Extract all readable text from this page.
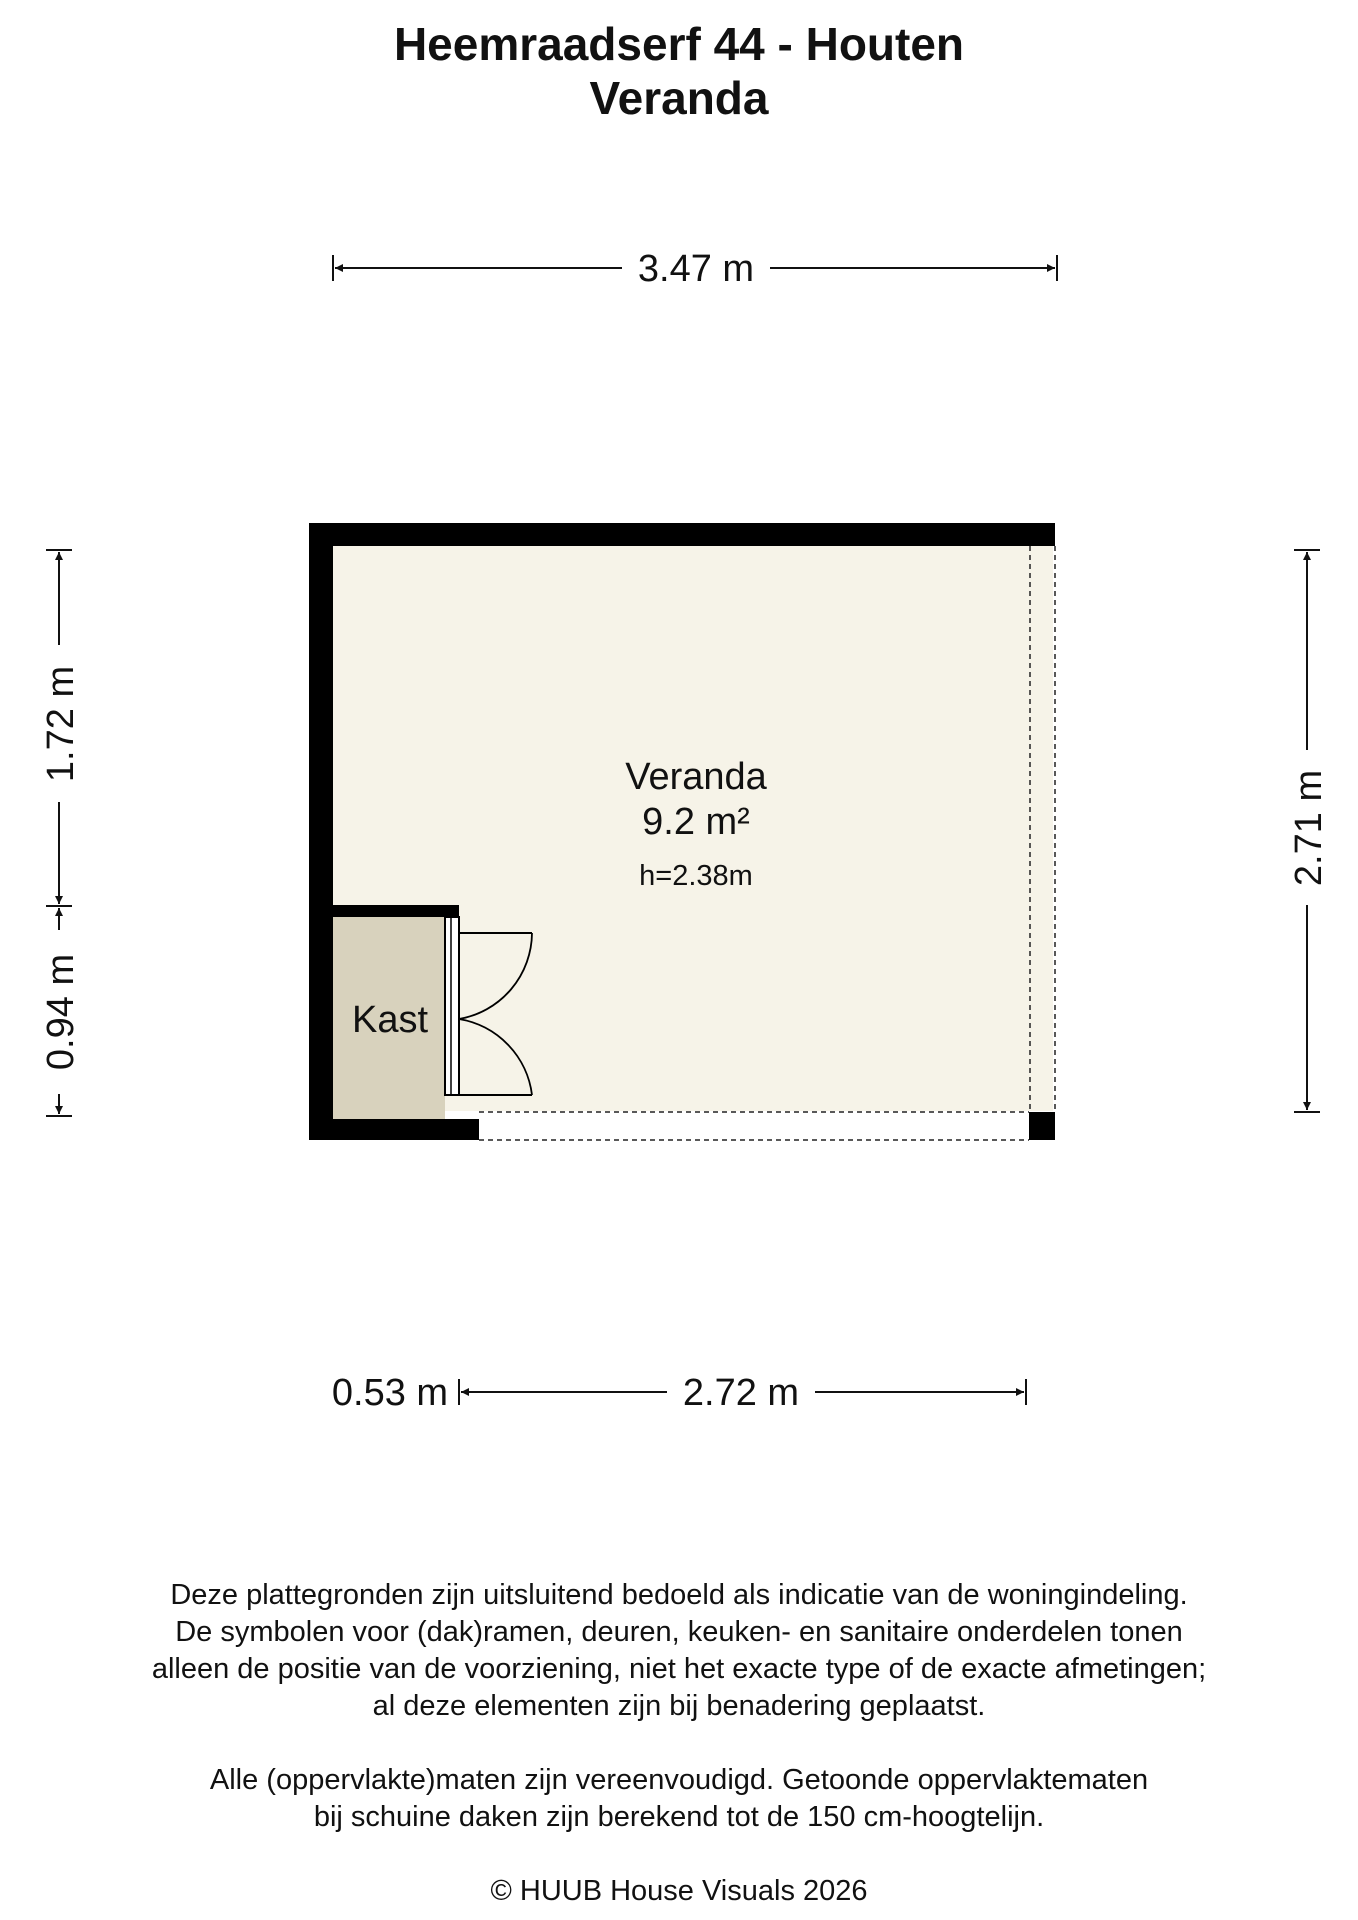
Heemraadserf 44 - Houten
Veranda
3.47 m
1.72 m
0.94 m
2.71 m
Veranda
9.2 m²
h=2.38m
Kast
0.53 m	2.72 m
Deze plattegronden zijn uitsluitend bedoeld als indicatie van de woningindeling.
De symbolen voor (dak)ramen, deuren, keuken- en sanitaire onderdelen tonen
alleen de positie van de voorziening, niet het exacte type of de exacte afmetingen;
al deze elementen zijn bij benadering geplaatst.
Alle (oppervlakte)maten zijn vereenvoudigd. Getoonde oppervlaktematen
bij schuine daken zijn berekend tot de 150 cm-hoogtelijn.
© HUUB House Visuals 2026
